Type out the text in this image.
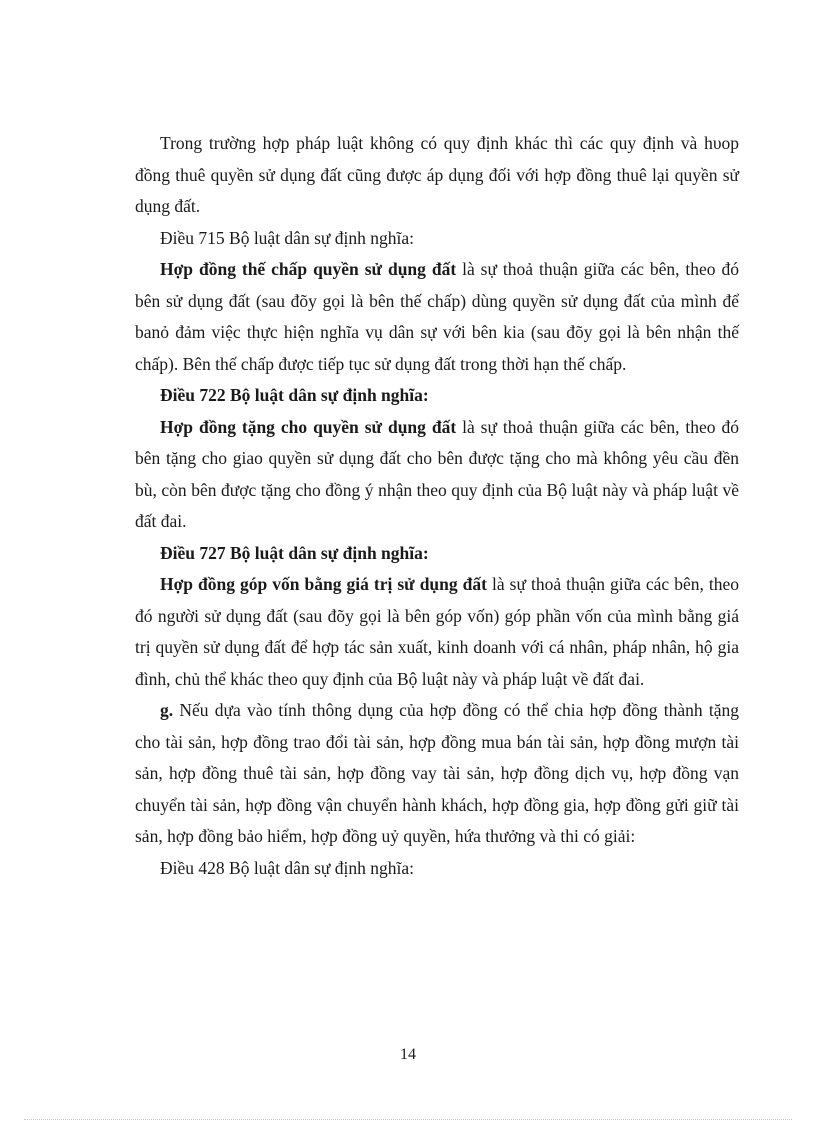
Trong trường hợp pháp luật không có quy định khác thì các quy định và hυop đồng thuê quyền sử dụng đất cũng được áp dụng đối với hợp đồng thuê lại quyền sử dụng đất.

Điều 715 Bộ luật dân sự định nghĩa:

Hợp đồng thế chấp quyền sử dụng đất là sự thoả thuận giữa các bên, theo đó bên sử dụng đất (sau đõy gọi là bên thế chấp) dùng quyền sử dụng đất của mình để banỏ đảm việc thực hiện nghĩa vụ dân sự với bên kia (sau đõy gọi là bên nhận thế chấp). Bên thế chấp được tiếp tục sử dụng đất trong thời hạn thế chấp.

Điều 722 Bộ luật dân sự định nghĩa:

Hợp đồng tặng cho quyền sử dụng đất là sự thoả thuận giữa các bên, theo đó bên tặng cho giao quyền sử dụng đất cho bên được tặng cho mà không yêu cầu đền bù, còn bên được tặng cho đồng ý nhận theo quy định của Bộ luật này và pháp luật về đất đai.

Điều 727 Bộ luật dân sự định nghĩa:

Hợp đồng góp vốn bằng giá trị sử dụng đất là sự thoả thuận giữa các bên, theo đó người sử dụng đất (sau đõy gọi là bên góp vốn) góp phần vốn của mình bằng giá trị quyền sử dụng đất để hợp tác sản xuất, kinh doanh với cá nhân, pháp nhân, hộ gia đình, chủ thể khác theo quy định của Bộ luật này và pháp luật về đất đai.

g. Nếu dựa vào tính thông dụng của hợp đồng có thể chia hợp đồng thành tặng cho tài sản, hợp đồng trao đổi tài sản, hợp đồng mua bán tài sản, hợp đồng mượn tài sản, hợp đồng thuê tài sản, hợp đồng vay tài sản, hợp đồng dịch vụ, hợp đồng vạn chuyển tài sản, hợp đồng vận chuyển hành khách, hợp đồng gia, hợp đồng gửi giữ tài sản, hợp đồng bảo hiểm, hợp đồng uỷ quyền, hứa thưởng và thi có giải:

Điều 428 Bộ luật dân sự định nghĩa:

14
